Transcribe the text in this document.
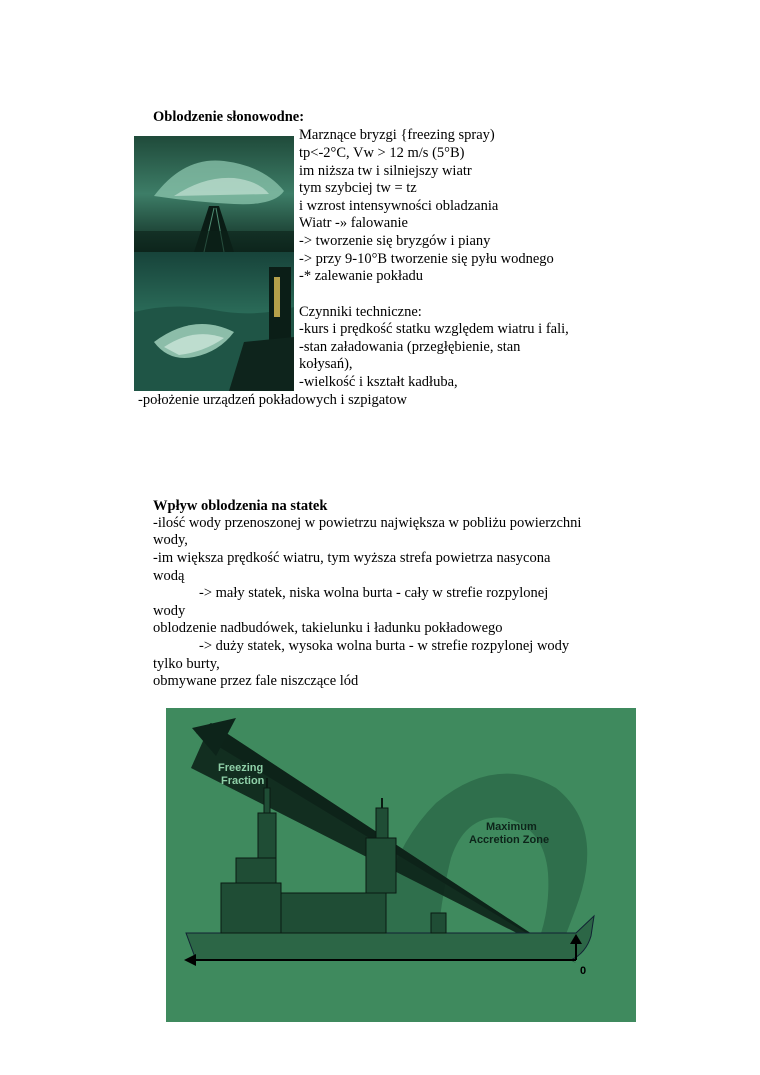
Oblodzenie słonowodne:
Marznące bryzgi {freezing spray)
tp<-2°C, Vw > 12 m/s (5°B)
im niższa tw i silniejszy wiatr
tym szybciej tw = tz
i wzrost intensywności obladzania
Wiatr -» falowanie
-> tworzenie się bryzgów i piany
-> przy 9-10°B tworzenie się pyłu wodnego
-* zalewanie pokładu
Czynniki techniczne:
-kurs i prędkość statku względem wiatru i fali,
-stan załadowania (przegłębienie, stan
kołysań),
-wielkość i kształt kadłuba,
-położenie urządzeń pokładowych i szpigatow
Wpływ oblodzenia na statek
-ilość wody przenoszonej w powietrzu największa w pobliżu powierzchni
wody,
-im większa prędkość wiatru, tym wyższa strefa powietrza nasycona
wodą
-> mały statek, niska wolna burta - cały w strefie rozpylonej
wody
oblodzenie nadbudówek, takielunku i ładunku pokładowego
-> duży statek, wysoka wolna burta - w strefie rozpylonej wody
tylko burty,
obmywane przez fale niszczące lód
Freezing
Fraction
Maximum
Accretion Zone
0
